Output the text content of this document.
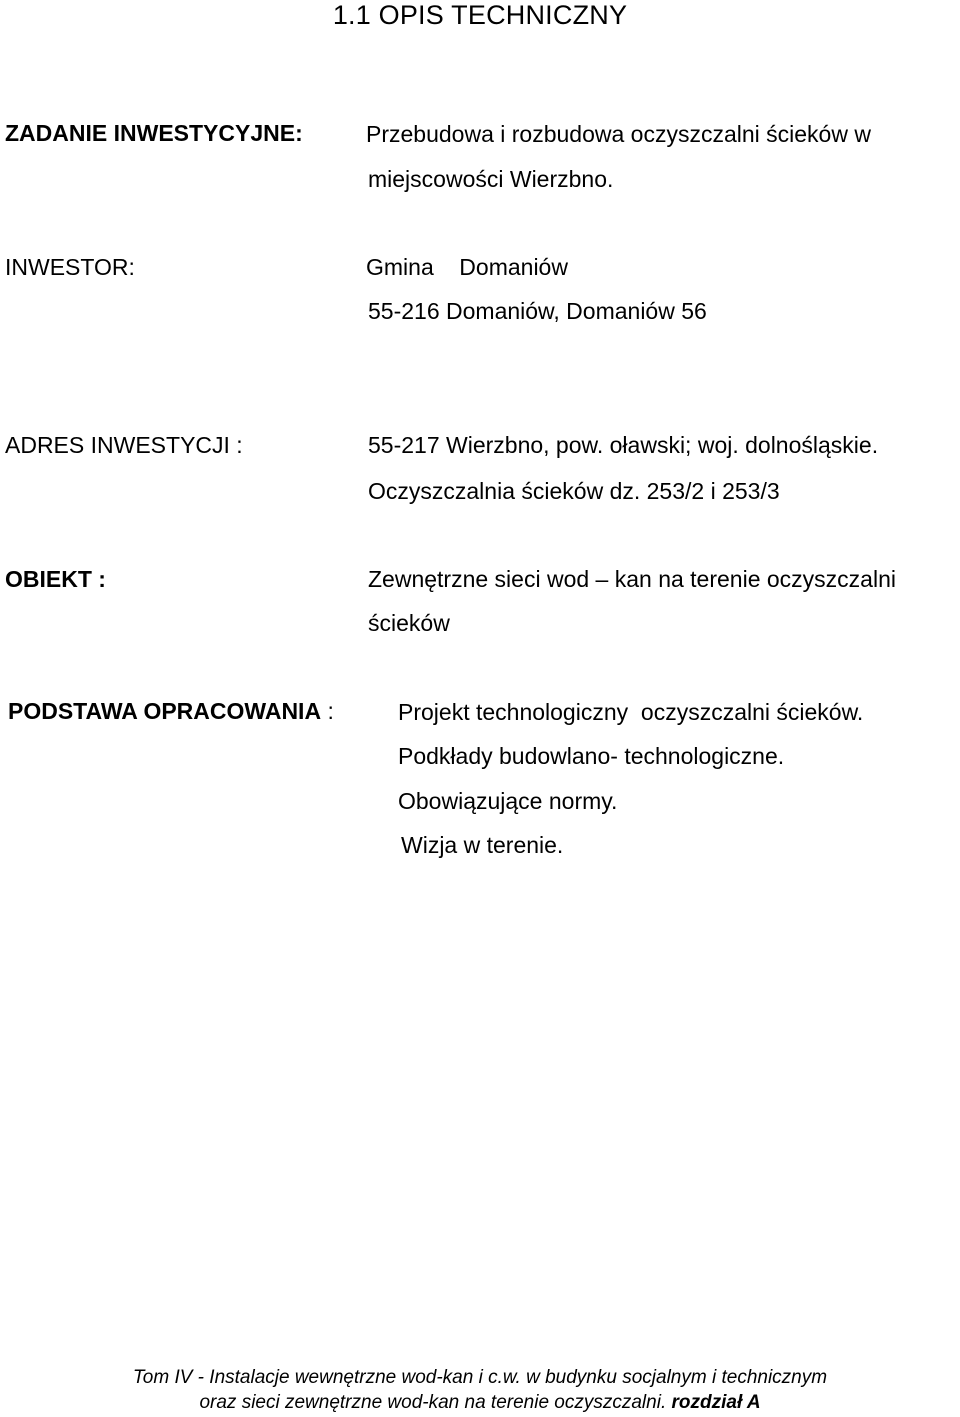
1.1 OPIS TECHNICZNY
ZADANIE INWESTYCYJNE:	Przebudowa i rozbudowa oczyszczalni ścieków w
miejscowości Wierzbno.
INWESTOR:	Gmina    Domaniów
55-216 Domaniów, Domaniów 56
ADRES INWESTYCJI :	55-217 Wierzbno, pow. oławski; woj. dolnośląskie.
Oczyszczalnia ścieków dz. 253/2 i 253/3
OBIEKT :	Zewnętrzne sieci wod – kan na terenie oczyszczalni
ścieków
PODSTAWA OPRACOWANIA :	Projekt technologiczny  oczyszczalni ścieków.
Podkłady budowlano- technologiczne.
Obowiązujące normy.
Wizja w terenie.
Tom IV - Instalacje wewnętrzne wod-kan i c.w. w budynku socjalnym i technicznym
oraz sieci zewnętrzne wod-kan na terenie oczyszczalni. rozdział A
